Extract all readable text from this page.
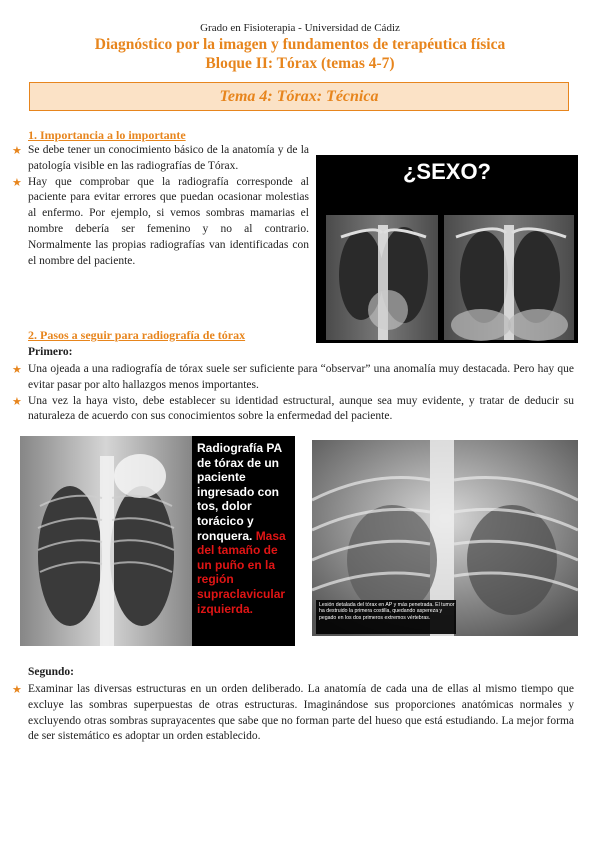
Grado en Fisioterapia - Universidad de Cádiz
Diagnóstico por la imagen y fundamentos de terapéutica física
Bloque II: Tórax (temas 4-7)
Tema 4: Tórax: Técnica
1. Importancia a lo importante
★ Se debe tener un conocimiento básico de la anatomía y de la patología visible en las radiografías de Tórax.
★ Hay que comprobar que la radiografía corresponde al paciente para evitar errores que puedan ocasionar molestias al enfermo. Por ejemplo, si vemos sombras mamarias el nombre debería ser femenino y no al contrario. Normalmente las propias radiografías van identificadas con el nombre del paciente.
¿SEXO?
2. Pasos a seguir para radiografía de tórax
Primero:
★ Una ojeada a una radiografía de tórax suele ser suficiente para “observar” una anomalía muy destacada. Pero hay que evitar pasar por alto hallazgos menos importantes.
★ Una vez la haya visto, debe establecer su identidad estructural, aunque sea muy evidente, y tratar de deducir su naturaleza de acuerdo con sus conocimientos sobre la enfermedad del paciente.
Radiografía PA de tórax de un paciente ingresado con tos, dolor torácico y ronquera. Masa del tamaño de un puño en la región supraclavicular izquierda.	Lesión detalada del tórax en AP y más penetrada. El tumor ha destruido la primera costilla, quedando aspereza y pegado en los dos primeros extremos vértebras.
Segundo:
★ Examinar las diversas estructuras en un orden deliberado. La anatomía de cada una de ellas al mismo tiempo que excluye las sombras superpuestas de otras estructuras. Imaginándose sus proporciones anatómicas normales y excluyendo otras sombras suprayacentes que sabe que no forman parte del hueso que está estudiando. La mejor forma de ser sistemático es adoptar un orden establecido.
